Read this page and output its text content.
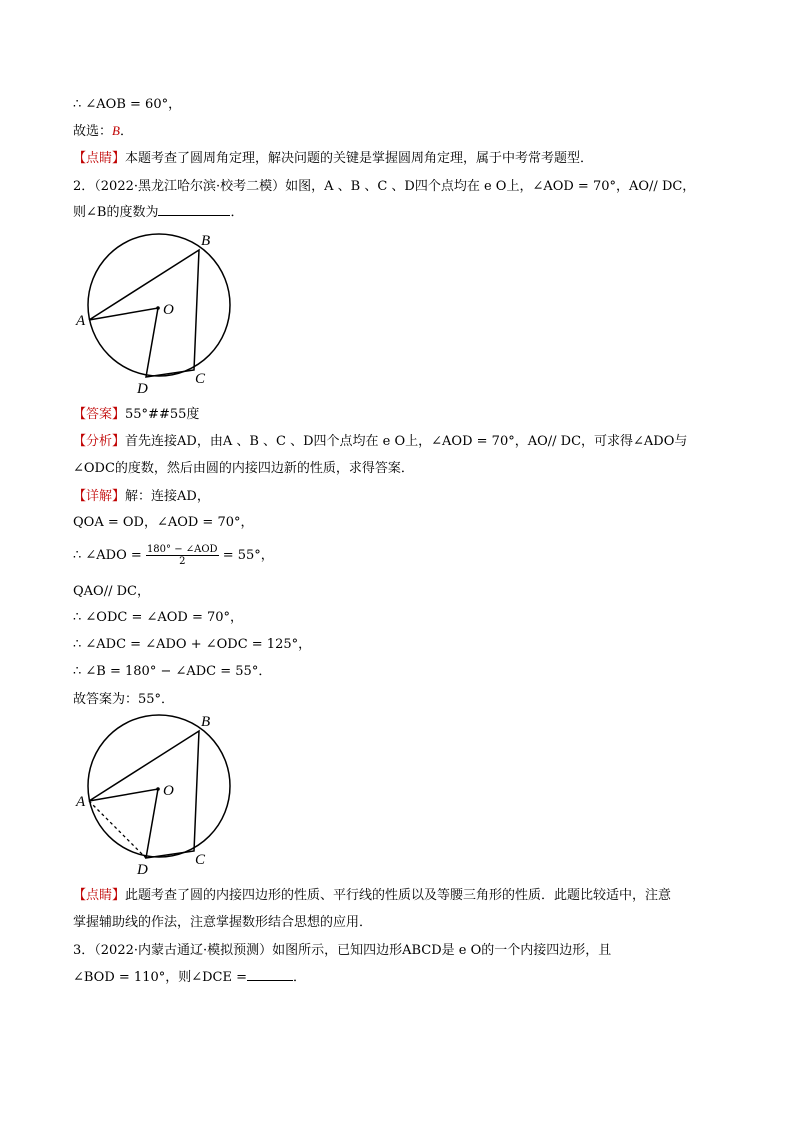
∴ ∠AOB = 60°，
故选：B．
【点睛】本题考查了圆周角定理，解决问题的关键是掌握圆周角定理，属于中考常考题型．
2．（2022·黑龙江哈尔滨·校考二模）如图，A 、B 、C 、D四个点均在 e O上，∠AOD = 70°，AO// DC，
则∠B的度数为	．
A
B
C
D
O
【答案】55°##55度
【分析】首先连接AD，由A 、B 、C 、D四个点均在 e O上，∠AOD = 70°，AO// DC，可求得∠ADO与
∠ODC的度数，然后由圆的内接四边新的性质，求得答案．
【详解】解：连接AD，
QOA = OD，∠AOD = 70°，
∴ ∠ADO = $\frac{\text{180° − ∠AOD}}{2} = 55^\circ$，
QAO// DC，
∴ ∠ODC = ∠AOD = 70°，
∴ ∠ADC = ∠ADO + ∠ODC = 125°，
∴ ∠B = 180° − ∠ADC = 55°．
故答案为：55°．
A
B
C
D
O
【点睛】此题考查了圆的内接四边形的性质、平行线的性质以及等腰三角形的性质．此题比较适中，注意
掌握辅助线的作法，注意掌握数形结合思想的应用．
3．（2022·内蒙古通辽·模拟预测）如图所示，已知四边形ABCD是 e O的一个内接四边形，且
∠BOD = 110°，则∠DCE =	．
